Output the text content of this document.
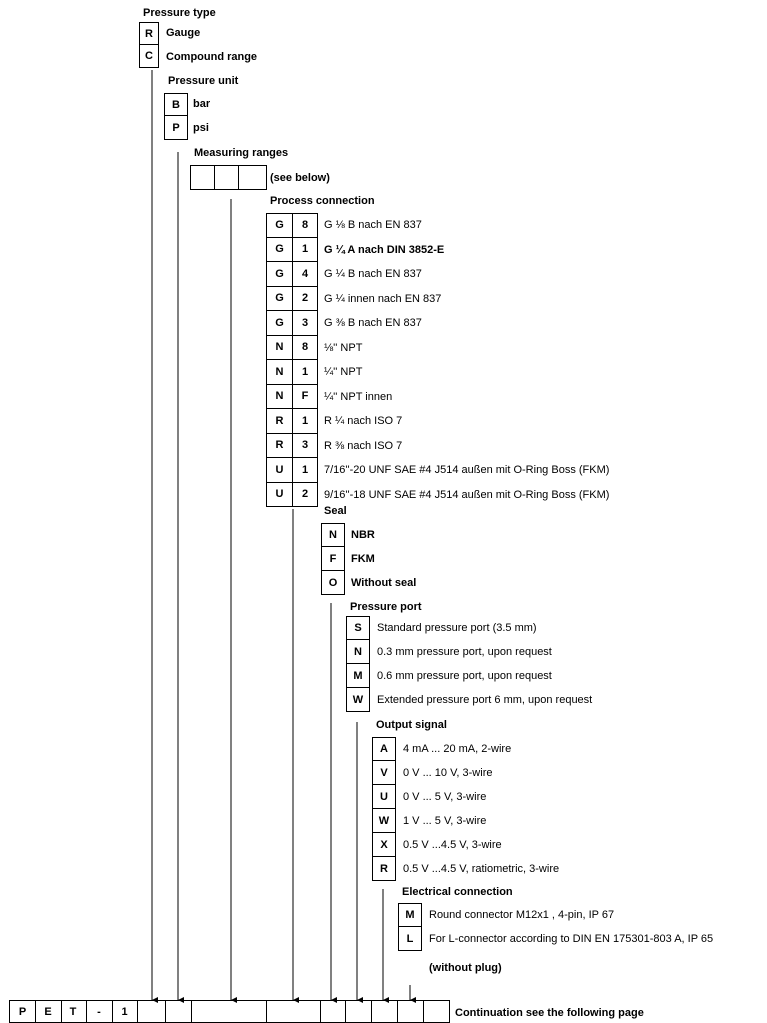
Pressure type
R	Gauge
C	Compound range
Pressure unit
B	bar
P	psi
Measuring ranges
(see below)
Process connection
G	8	G ⅛ B nach EN 837
G	1	G ¼ A nach DIN 3852-E
G	4	G ¼ B nach EN 837
G	2	G ¼ innen nach EN 837
G	3	G ⅜ B nach EN 837
N	8	⅛'' NPT
N	1	¼'' NPT
N	F	¼'' NPT innen
R	1	R ¼ nach ISO 7
R	3	R ⅜ nach ISO 7
U	1	7/16''-20 UNF SAE #4 J514 außen mit O-Ring Boss (FKM)
U	2	9/16''-18 UNF SAE #4 J514 außen mit O-Ring Boss (FKM)
Seal
N	NBR
F	FKM
O	Without seal
Pressure port
S	Standard pressure port (3.5 mm)
N	0.3 mm pressure port, upon request
M	0.6 mm pressure port, upon request
W	Extended pressure port 6 mm, upon request
Output signal
A	4 mA ... 20 mA, 2-wire
V	0 V ... 10 V, 3-wire
U	0 V ... 5 V, 3-wire
W	1 V ... 5 V, 3-wire
X	0.5 V ...4.5 V, 3-wire
R	0.5 V ...4.5 V, ratiometric, 3-wire
Electrical connection
M	Round connector M12x1 , 4-pin, IP 67
L	For L-connector according to DIN EN 175301-803 A, IP 65
(without plug)
P	E	T	-	1	Continuation see the following page
